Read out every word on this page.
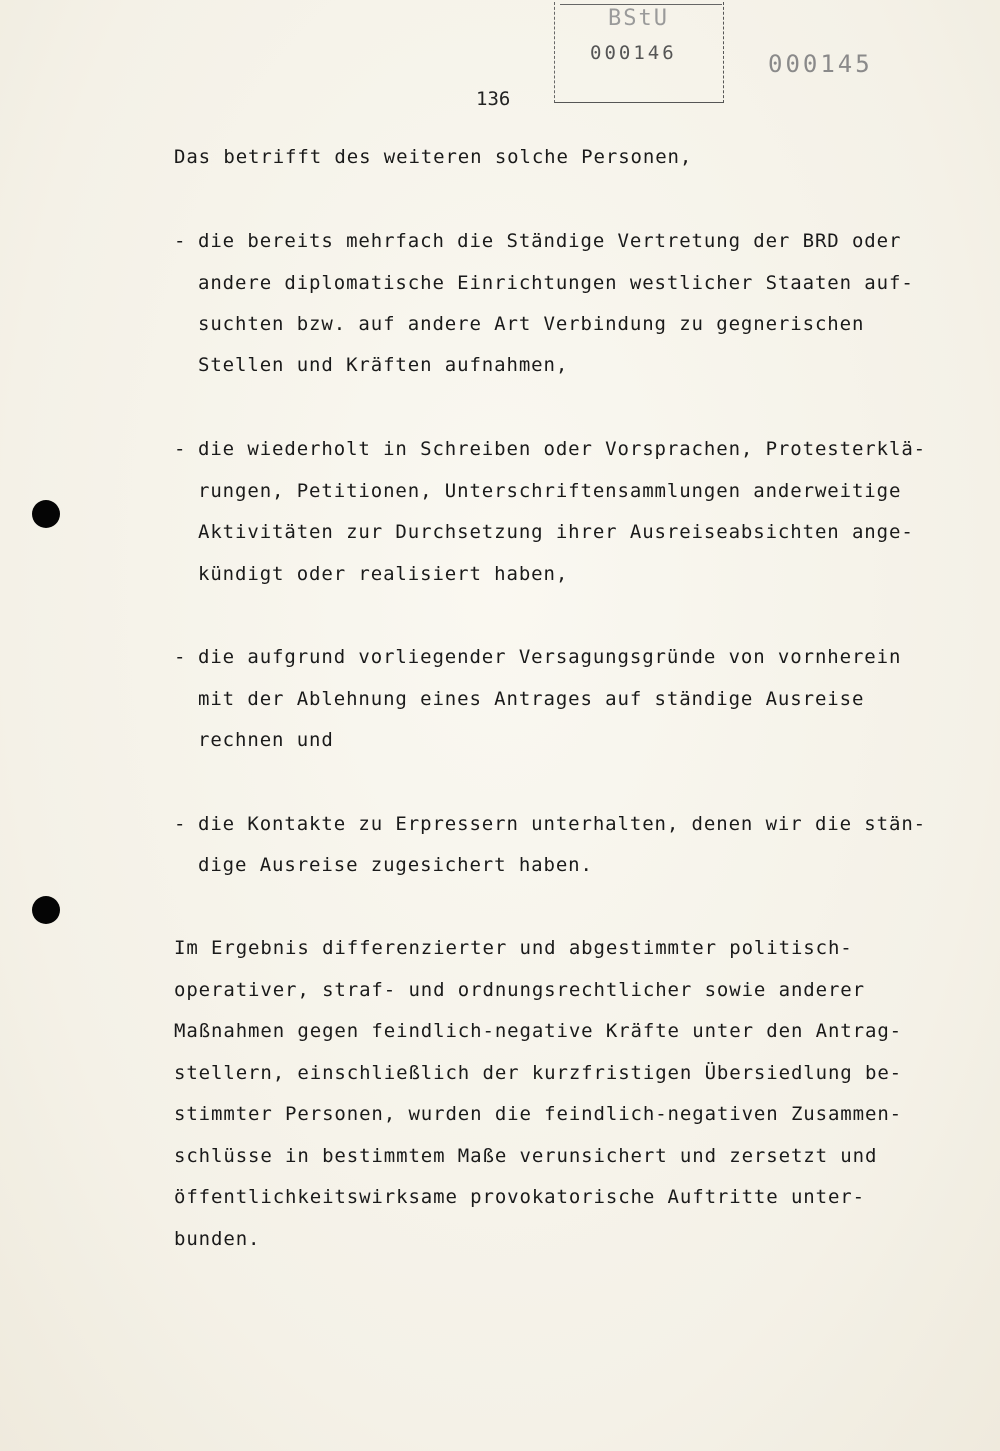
BStU
000146	000145
136
Das betrifft des weiteren solche Personen,
- die bereits mehrfach die Ständige Vertretung der BRD oder
andere diplomatische Einrichtungen westlicher Staaten auf-
suchten bzw. auf andere Art Verbindung zu gegnerischen
Stellen und Kräften aufnahmen,
- die wiederholt in Schreiben oder Vorsprachen, Protesterklä-
rungen, Petitionen, Unterschriftensammlungen anderweitige
Aktivitäten zur Durchsetzung ihrer Ausreiseabsichten ange-
kündigt oder realisiert haben,
- die aufgrund vorliegender Versagungsgründe von vornherein
mit der Ablehnung eines Antrages auf ständige Ausreise
rechnen und
- die Kontakte zu Erpressern unterhalten, denen wir die stän-
dige Ausreise zugesichert haben.
Im Ergebnis differenzierter und abgestimmter politisch-
operativer, straf- und ordnungsrechtlicher sowie anderer
Maßnahmen gegen feindlich-negative Kräfte unter den Antrag-
stellern, einschließlich der kurzfristigen Übersiedlung be-
stimmter Personen, wurden die feindlich-negativen Zusammen-
schlüsse in bestimmtem Maße verunsichert und zersetzt und
öffentlichkeitswirksame provokatorische Auftritte unter-
bunden.
